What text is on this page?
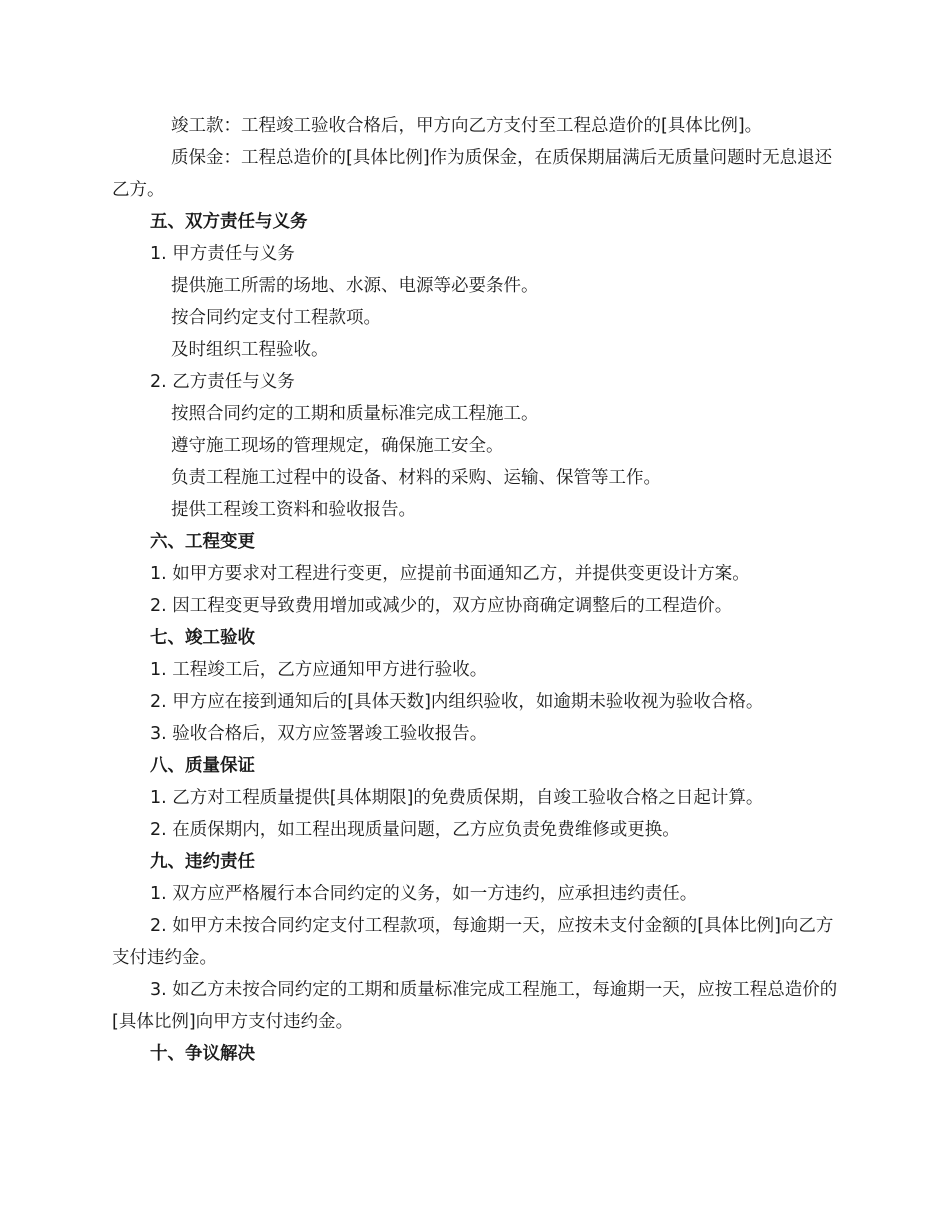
竣工款：工程竣工验收合格后，甲方向乙方支付至工程总造价的[具体比例]。
质保金：工程总造价的[具体比例]作为质保金，在质保期届满后无质量问题时无息退还乙方。
五、双方责任与义务
1. 甲方责任与义务
提供施工所需的场地、水源、电源等必要条件。
按合同约定支付工程款项。
及时组织工程验收。
2. 乙方责任与义务
按照合同约定的工期和质量标准完成工程施工。
遵守施工现场的管理规定，确保施工安全。
负责工程施工过程中的设备、材料的采购、运输、保管等工作。
提供工程竣工资料和验收报告。
六、工程变更
1. 如甲方要求对工程进行变更，应提前书面通知乙方，并提供变更设计方案。
2. 因工程变更导致费用增加或减少的，双方应协商确定调整后的工程造价。
七、竣工验收
1. 工程竣工后，乙方应通知甲方进行验收。
2. 甲方应在接到通知后的[具体天数]内组织验收，如逾期未验收视为验收合格。
3. 验收合格后，双方应签署竣工验收报告。
八、质量保证
1. 乙方对工程质量提供[具体期限]的免费质保期，自竣工验收合格之日起计算。
2. 在质保期内，如工程出现质量问题，乙方应负责免费维修或更换。
九、违约责任
1. 双方应严格履行本合同约定的义务，如一方违约，应承担违约责任。
2. 如甲方未按合同约定支付工程款项，每逾期一天，应按未支付金额的[具体比例]向乙方支付违约金。
3. 如乙方未按合同约定的工期和质量标准完成工程施工，每逾期一天，应按工程总造价的[具体比例]向甲方支付违约金。
十、争议解决
